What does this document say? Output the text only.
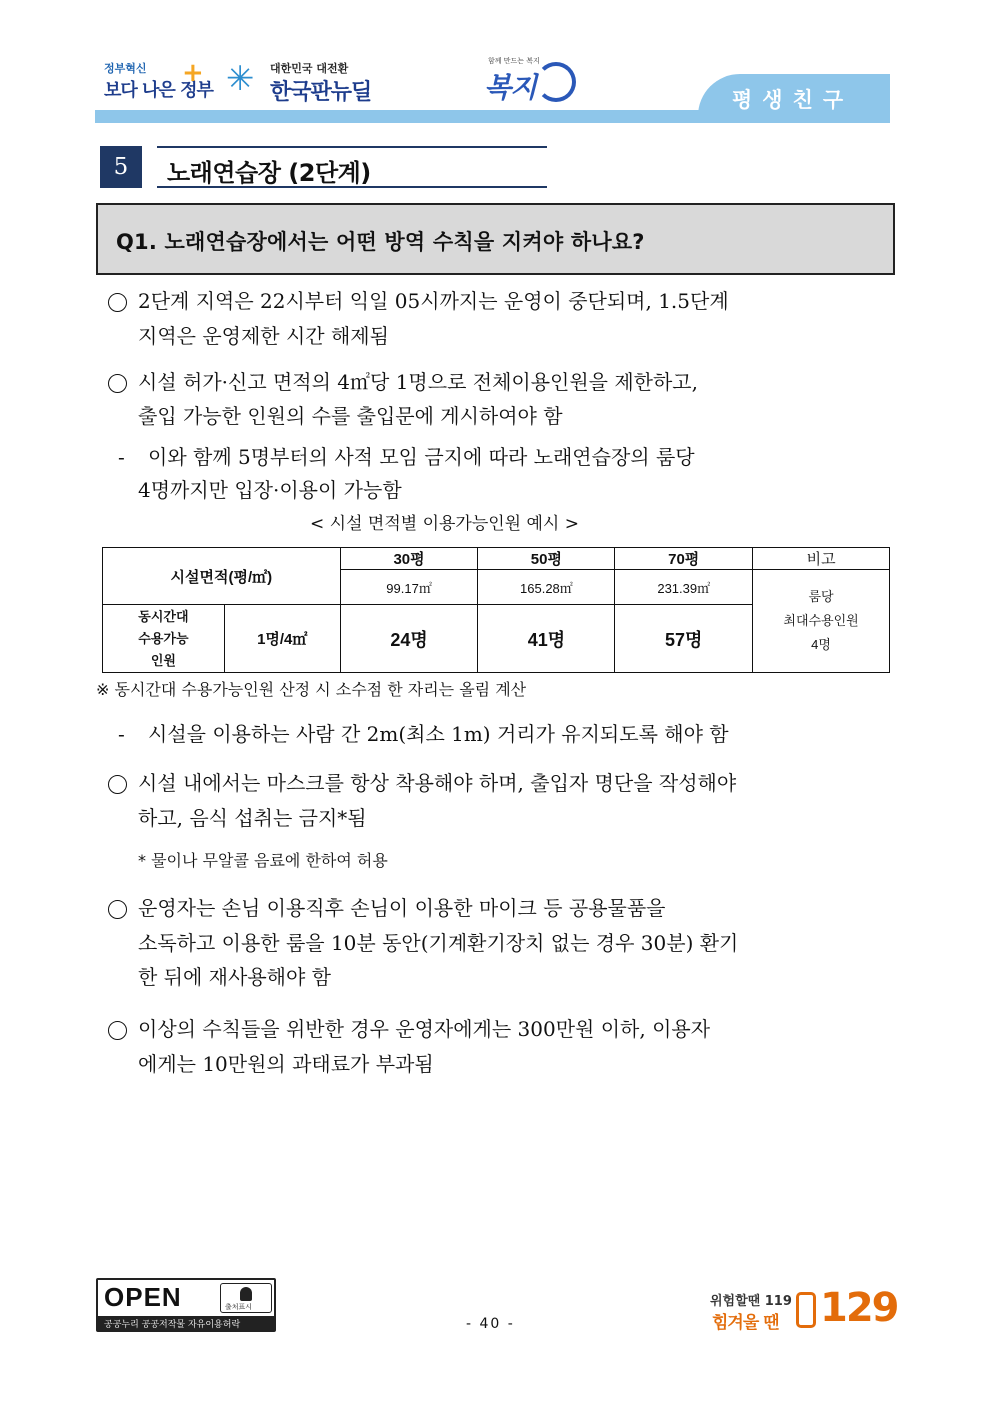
정부혁신
보다 나은 정부
+ ✳ 대한민국 대전환
한국판뉴딜
함께 만드는 복지
복지	평생친구
5	노래연습장 (2단계)
Q1. 노래연습장에서는 어떤 방역 수칙을 지켜야 하나요?
2단계 지역은 22시부터 익일 05시까지는 운영이 중단되며, 1.5단계
지역은 운영제한 시간 해제됨
시설 허가·신고 면적의 4㎡당 1명으로 전체이용인원을 제한하고,
출입 가능한 인원의 수를 출입문에 게시하여야 함
- 이와 함께 5명부터의 사적 모임 금지에 따라 노래연습장의 룸당
4명까지만 입장·이용이 가능함
< 시설 면적별 이용가능인원 예시 >
시설면적(평/㎡)		30평	50평	70평	비고
		99.17㎡	165.28㎡	231.39㎡	룸당
최대수용인원
4명

동시간대
수용가능
인원	1명/4㎡	24명	41명	57명	
※ 동시간대 수용가능인원 산정 시 소수점 한 자리는 올림 계산
- 시설을 이용하는 사람 간 2m(최소 1m) 거리가 유지되도록 해야 함
시설 내에서는 마스크를 항상 착용해야 하며, 출입자 명단을 작성해야
하고, 음식 섭취는 금지*됨
* 물이나 무알콜 음료에 한하여 허용
운영자는 손님 이용직후 손님이 이용한 마이크 등 공용물품을
소독하고 이용한 룸을 10분 동안(기계환기장치 없는 경우 30분) 환기
한 뒤에 재사용해야 함
이상의 수칙들을 위반한 경우 운영자에게는 300만원 이하, 이용자
에게는 10만원의 과태료가 부과됨
OPEN	출처표시
공공누리 공공저작물 자유이용허락	- 40 -
위험할땐 119
힘겨울 땐 129
